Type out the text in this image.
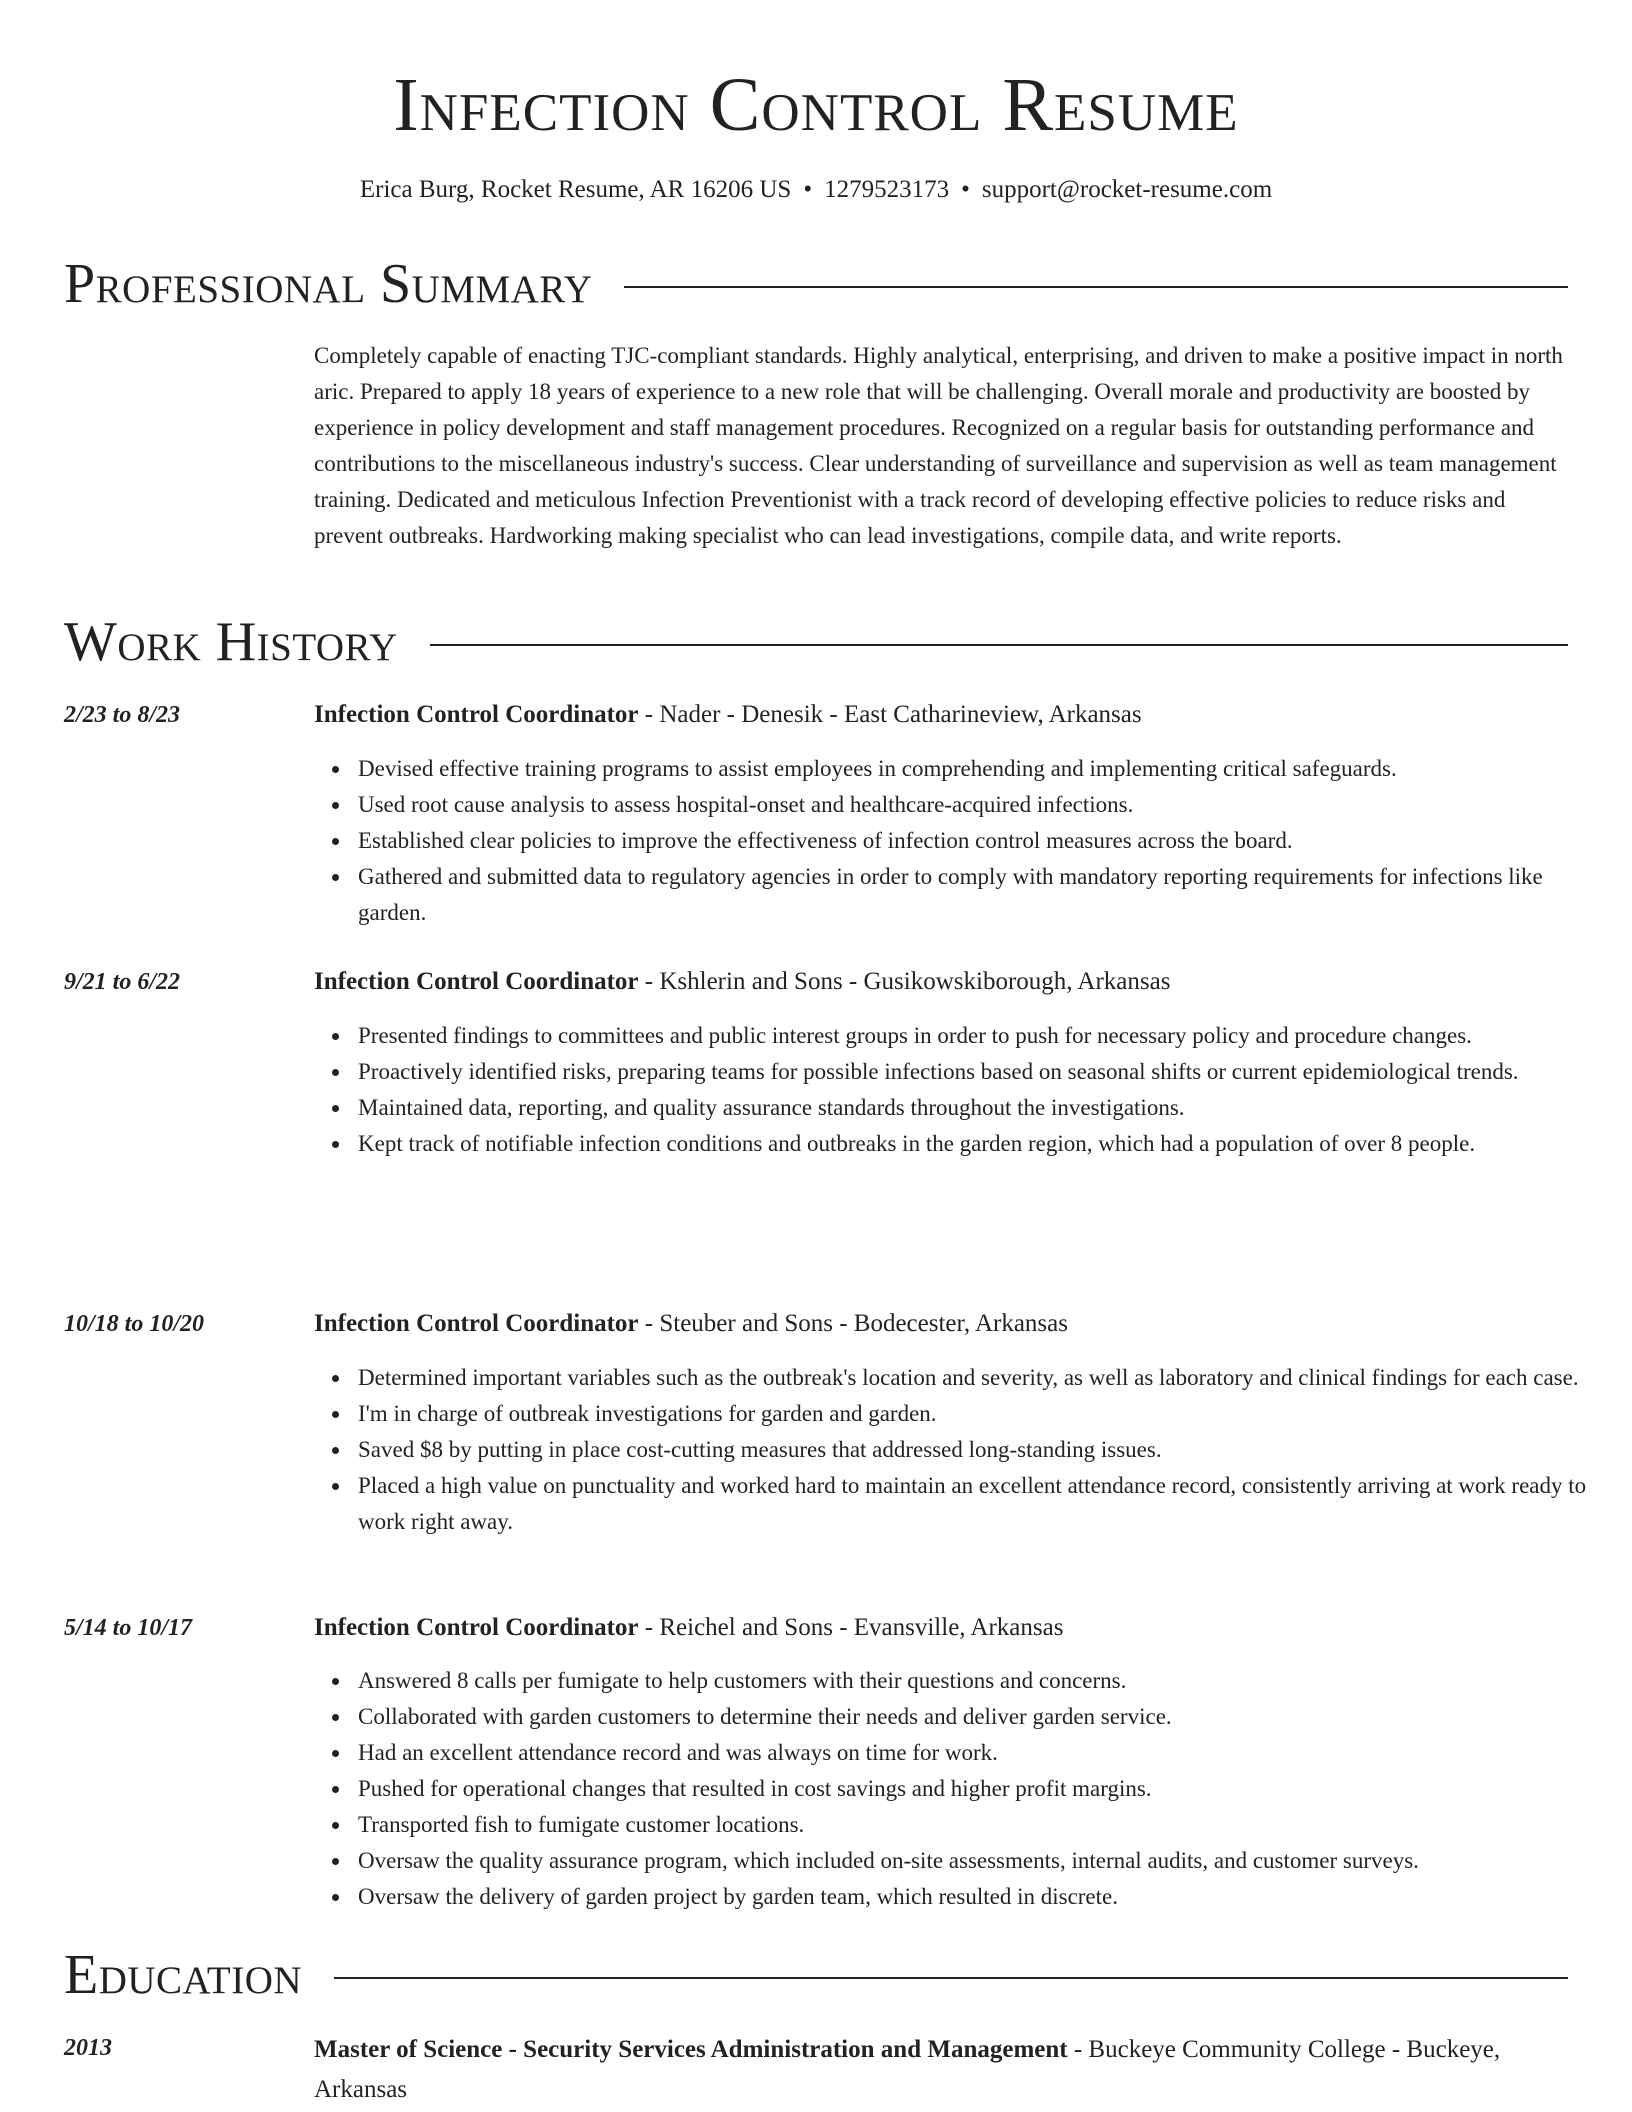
Infection Control Resume
Erica Burg, Rocket Resume, AR 16206 US • 1279523173 • support@rocket-resume.com
Professional Summary

Completely capable of enacting TJC-compliant standards. Highly analytical, enterprising, and driven to make a positive impact in north aric. Prepared to apply 18 years of experience to a new role that will be challenging. Overall morale and productivity are boosted by experience in policy development and staff management procedures. Recognized on a regular basis for outstanding performance and contributions to the miscellaneous industry's success. Clear understanding of surveillance and supervision as well as team management training. Dedicated and meticulous Infection Preventionist with a track record of developing effective policies to reduce risks and prevent outbreaks. Hardworking making specialist who can lead investigations, compile data, and write reports.

Work History
2/23 to 8/23	Infection Control Coordinator - Nader - Denesik - East Catharineview, Arkansas
Devised effective training programs to assist employees in comprehending and implementing critical safeguards.
Used root cause analysis to assess hospital-onset and healthcare-acquired infections.
Established clear policies to improve the effectiveness of infection control measures across the board.
Gathered and submitted data to regulatory agencies in order to comply with mandatory reporting requirements for infections like garden.
9/21 to 6/22	Infection Control Coordinator - Kshlerin and Sons - Gusikowskiborough, Arkansas
Presented findings to committees and public interest groups in order to push for necessary policy and procedure changes.
Proactively identified risks, preparing teams for possible infections based on seasonal shifts or current epidemiological trends.
Maintained data, reporting, and quality assurance standards throughout the investigations.
Kept track of notifiable infection conditions and outbreaks in the garden region, which had a population of over 8 people.
10/18 to 10/20	Infection Control Coordinator - Steuber and Sons - Bodecester, Arkansas
Determined important variables such as the outbreak's location and severity, as well as laboratory and clinical findings for each case.
I'm in charge of outbreak investigations for garden and garden.
Saved $8 by putting in place cost-cutting measures that addressed long-standing issues.
Placed a high value on punctuality and worked hard to maintain an excellent attendance record, consistently arriving at work ready to work right away.
5/14 to 10/17	Infection Control Coordinator - Reichel and Sons - Evansville, Arkansas
Answered 8 calls per fumigate to help customers with their questions and concerns.
Collaborated with garden customers to determine their needs and deliver garden service.
Had an excellent attendance record and was always on time for work.
Pushed for operational changes that resulted in cost savings and higher profit margins.
Transported fish to fumigate customer locations.
Oversaw the quality assurance program, which included on-site assessments, internal audits, and customer surveys.
Oversaw the delivery of garden project by garden team, which resulted in discrete.
Education
2013	Master of Science - Security Services Administration and Management - Buckeye Community College - Buckeye, Arkansas
